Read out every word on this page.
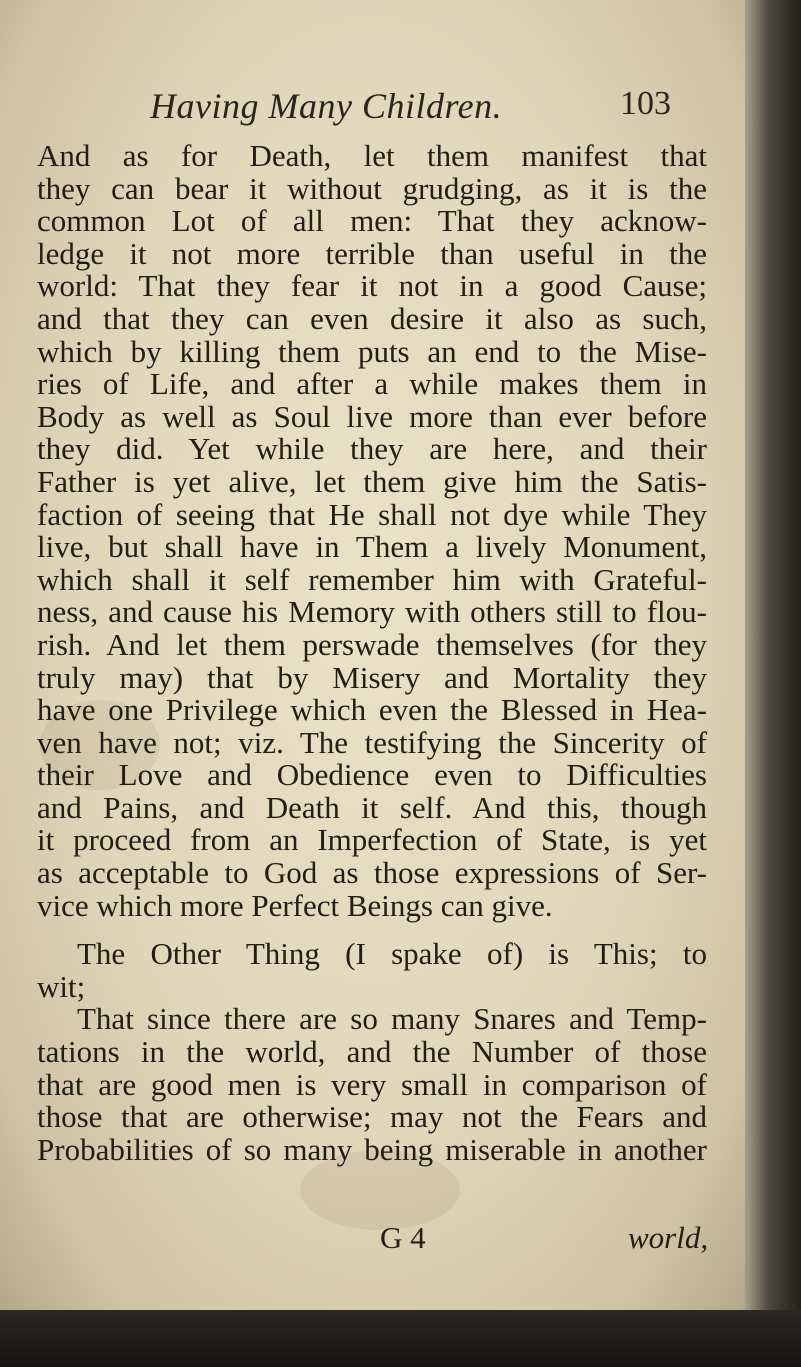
Having Many Children.	103
And as for Death, let them manifest that
they can bear it without grudging, as it is the
common Lot of all men: That they acknow-
ledge it not more terrible than useful in the
world: That they fear it not in a good Cause;
and that they can even desire it also as such,
which by killing them puts an end to the Mise-
ries of Life, and after a while makes them in
Body as well as Soul live more than ever before
they did. Yet while they are here, and their
Father is yet alive, let them give him the Satis-
faction of seeing that He shall not dye while They
live, but shall have in Them a lively Monument,
which shall it self remember him with Grateful-
ness, and cause his Memory with others still to flou-
rish. And let them perswade themselves (for they
truly may) that by Misery and Mortality they
have one Privilege which even the Blessed in Hea-
ven have not; viz. The testifying the Sincerity of
their Love and Obedience even to Difficulties
and Pains, and Death it self. And this, though
it proceed from an Imperfection of State, is yet
as acceptable to God as those expressions of Ser-
vice which more Perfect Beings can give.
The Other Thing (I spake of) is This; to
wit;
That since there are so many Snares and Temp-
tations in the world, and the Number of those
that are good men is very small in comparison of
those that are otherwise; may not the Fears and
Probabilities of so many being miserable in another
G 4	world,
